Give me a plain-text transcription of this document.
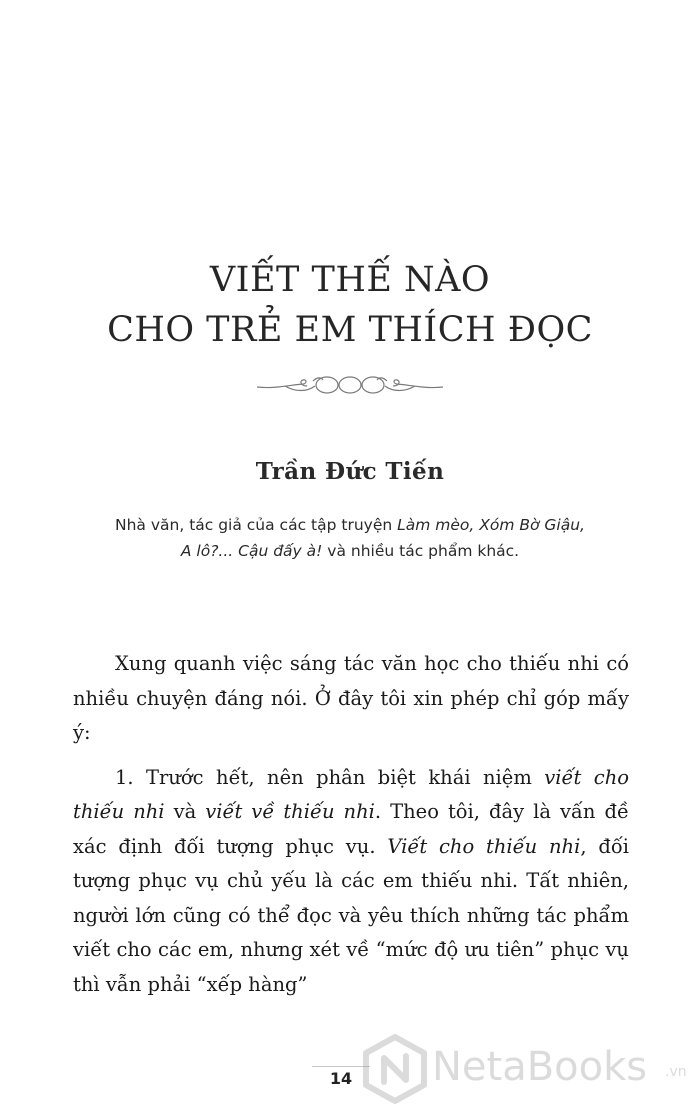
VIẾT THẾ NÀO
CHO TRẺ EM THÍCH ĐỌC
Trần Đức Tiến

Nhà văn, tác giả của các tập truyện Làm mèo, Xóm Bờ Giậu,
A lô?... Cậu đấy à! và nhiều tác phẩm khác.

Xung quanh việc sáng tác văn học cho thiếu nhi có nhiều chuyện đáng nói. Ở đây tôi xin phép chỉ góp mấy ý:

1. Trước hết, nên phân biệt khái niệm viết cho thiếu nhi và viết về thiếu nhi. Theo tôi, đây là vấn đề xác định đối tượng phục vụ. Viết cho thiếu nhi, đối tượng phục vụ chủ yếu là các em thiếu nhi. Tất nhiên, người lớn cũng có thể đọc và yêu thích những tác phẩm viết cho các em, nhưng xét về “mức độ ưu tiên” phục vụ thì vẫn phải “xếp hàng”

14	NetaBooks .vn
